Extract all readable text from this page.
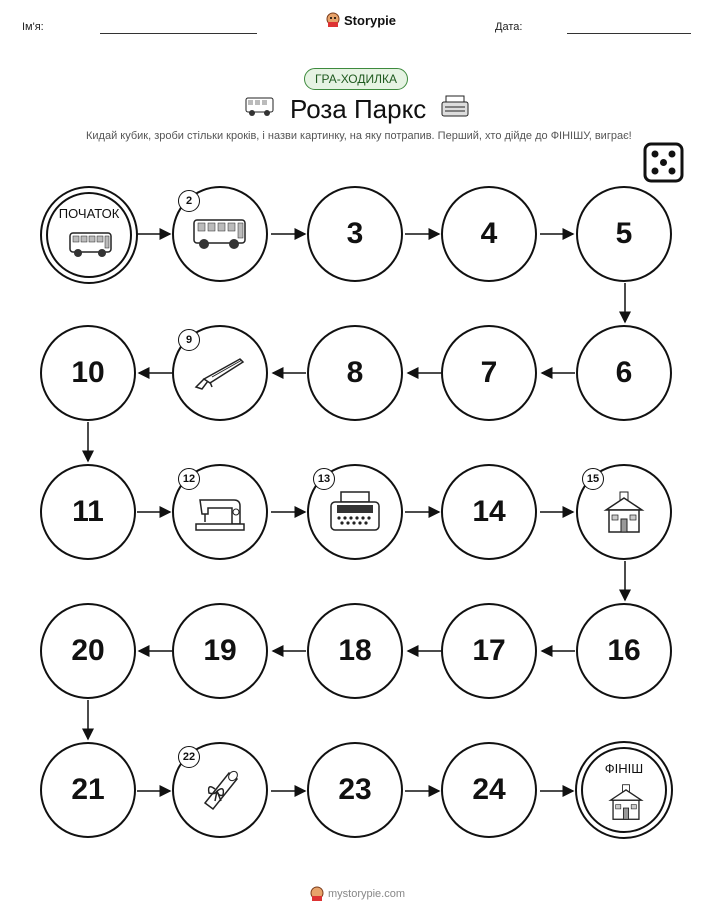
Ім'я:	Storypie	Дата:
ГРА-ХОДИЛКА
Роза Паркс
Кидай кубик, зроби стільки кроків, і назви картинку, на яку потрапив. Перший, хто дійде до ФІНІШУ, виграє!
ПОЧАТОК
2
3	4	5
6
7
8
9
10
11
12	13
14
15
16
17
18
19
20
21
22
23	24
ФІНІШ
mystorypie.com
